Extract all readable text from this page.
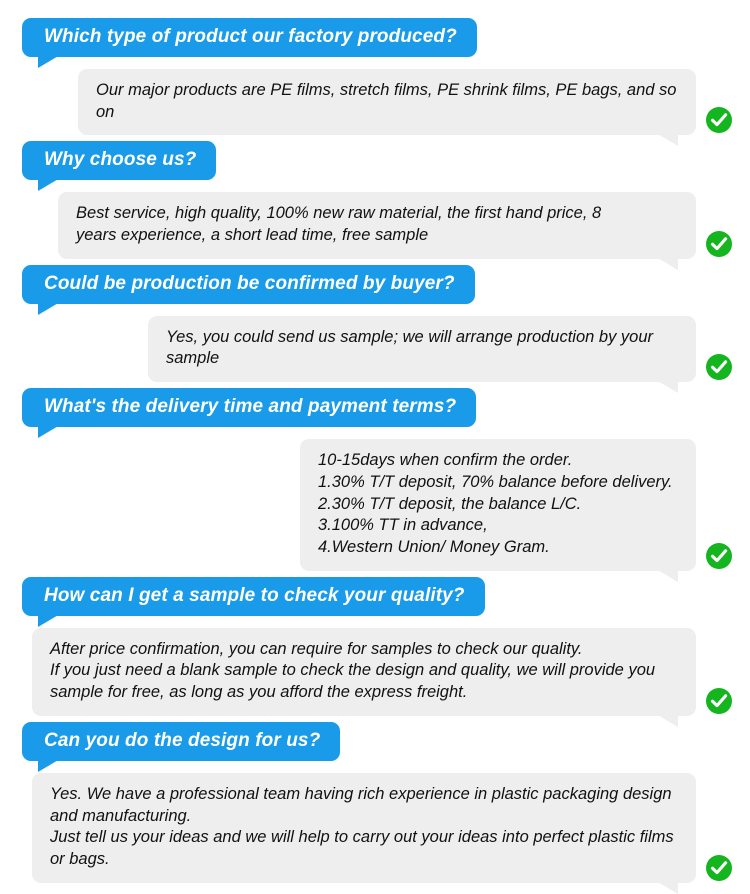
Which type of product our factory produced?
Our major products are PE films, stretch films, PE shrink films, PE bags, and so on
Why choose us?
Best service, high quality, 100% new raw material, the first hand price, 8
years experience, a short lead time, free sample
Could be production be confirmed by buyer?
Yes, you could send us sample; we will arrange production by your sample
What's the delivery time and payment terms?
10-15days when confirm the order.
1.30% T/T deposit, 70% balance before delivery.
2.30% T/T deposit, the balance L/C.
3.100% TT in advance,
4.Western Union/ Money Gram.
How can I get a sample to check your quality?
After price confirmation, you can require for samples to check our quality.
If you just need a blank sample to check the design and quality, we will provide you
sample for free, as long as you afford the express freight.
Can you do the design for us?
Yes. We have a professional team having rich experience in plastic packaging design
and manufacturing.
Just tell us your ideas and we will help to carry out your ideas into perfect plastic films
or bags.
